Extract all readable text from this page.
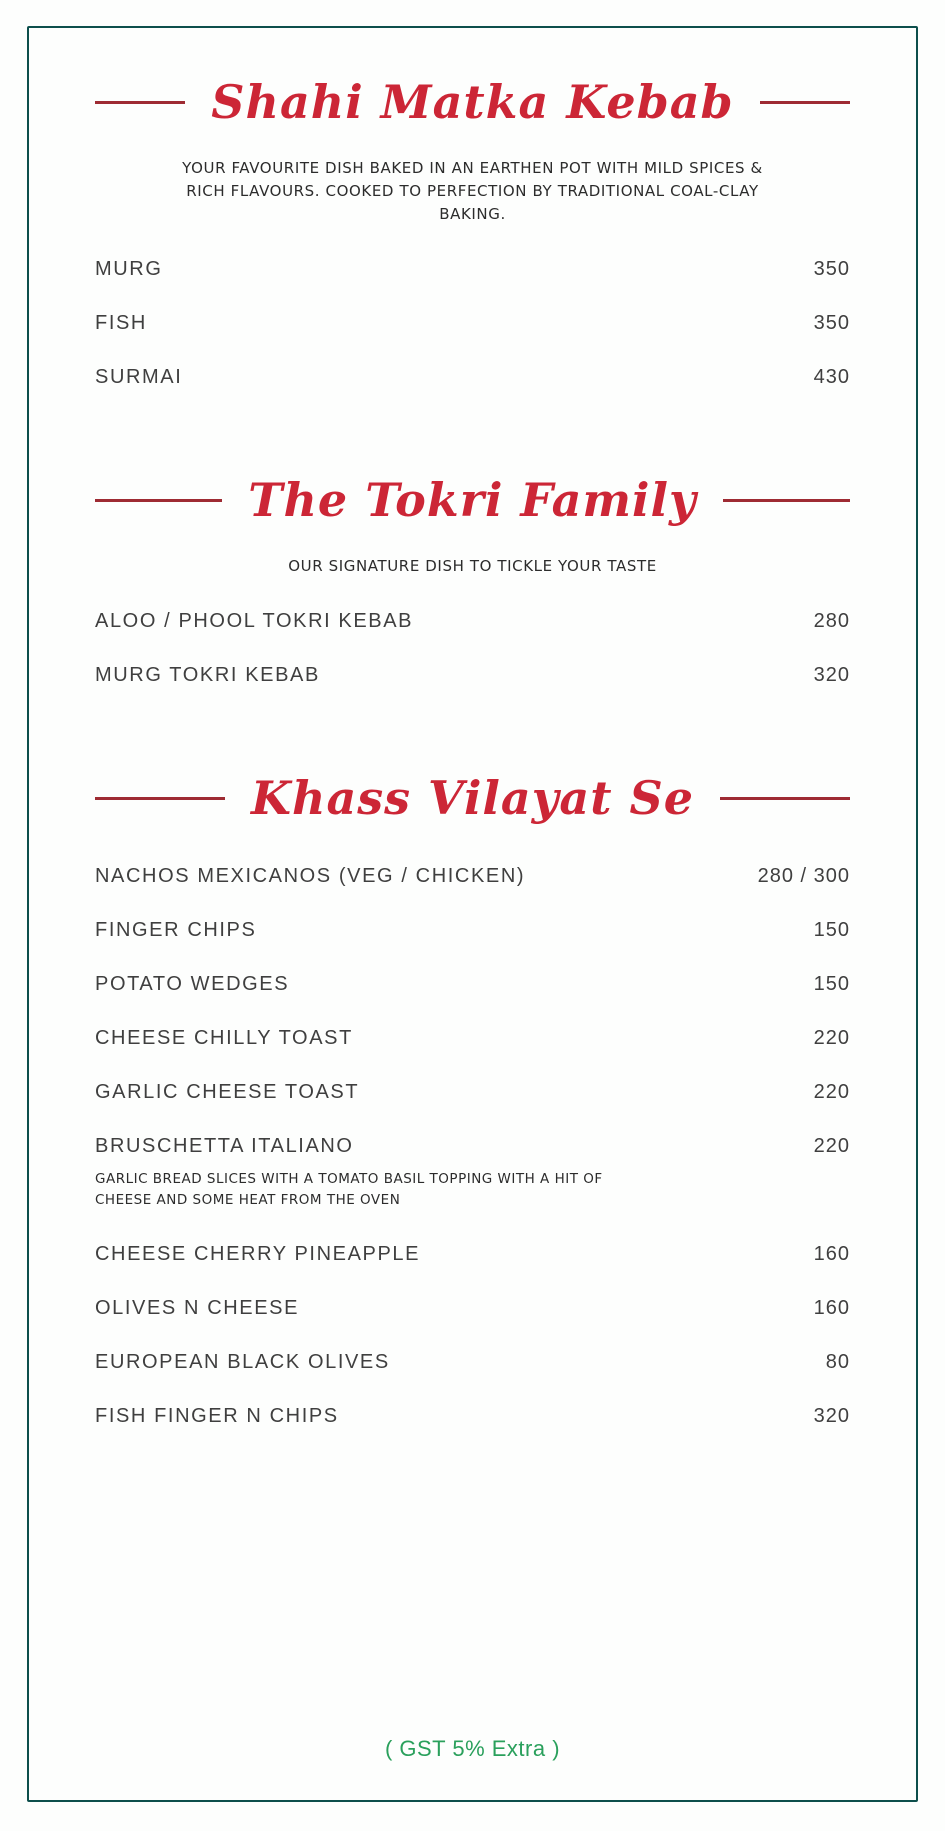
Shahi Matka Kebab

YOUR FAVOURITE DISH BAKED IN AN EARTHEN POT WITH MILD SPICES & RICH FLAVOURS. COOKED TO PERFECTION BY TRADITIONAL COAL-CLAY BAKING.

MURG	350
FISH	350
SURMAI	430
The Tokri Family

OUR SIGNATURE DISH TO TICKLE YOUR TASTE

ALOO / PHOOL TOKRI KEBAB	280
MURG TOKRI KEBAB	320
Khass Vilayat Se
NACHOS MEXICANOS (VEG / CHICKEN)	280 / 300
FINGER CHIPS	150
POTATO WEDGES	150
CHEESE CHILLY TOAST	220
GARLIC CHEESE TOAST	220
BRUSCHETTA ITALIANO	220

GARLIC BREAD SLICES WITH A TOMATO BASIL TOPPING WITH A HIT OF CHEESE AND SOME HEAT FROM THE OVEN

CHEESE CHERRY PINEAPPLE	160
OLIVES N CHEESE	160
EUROPEAN BLACK OLIVES	80
FISH FINGER N CHIPS	320
( GST 5% Extra )
